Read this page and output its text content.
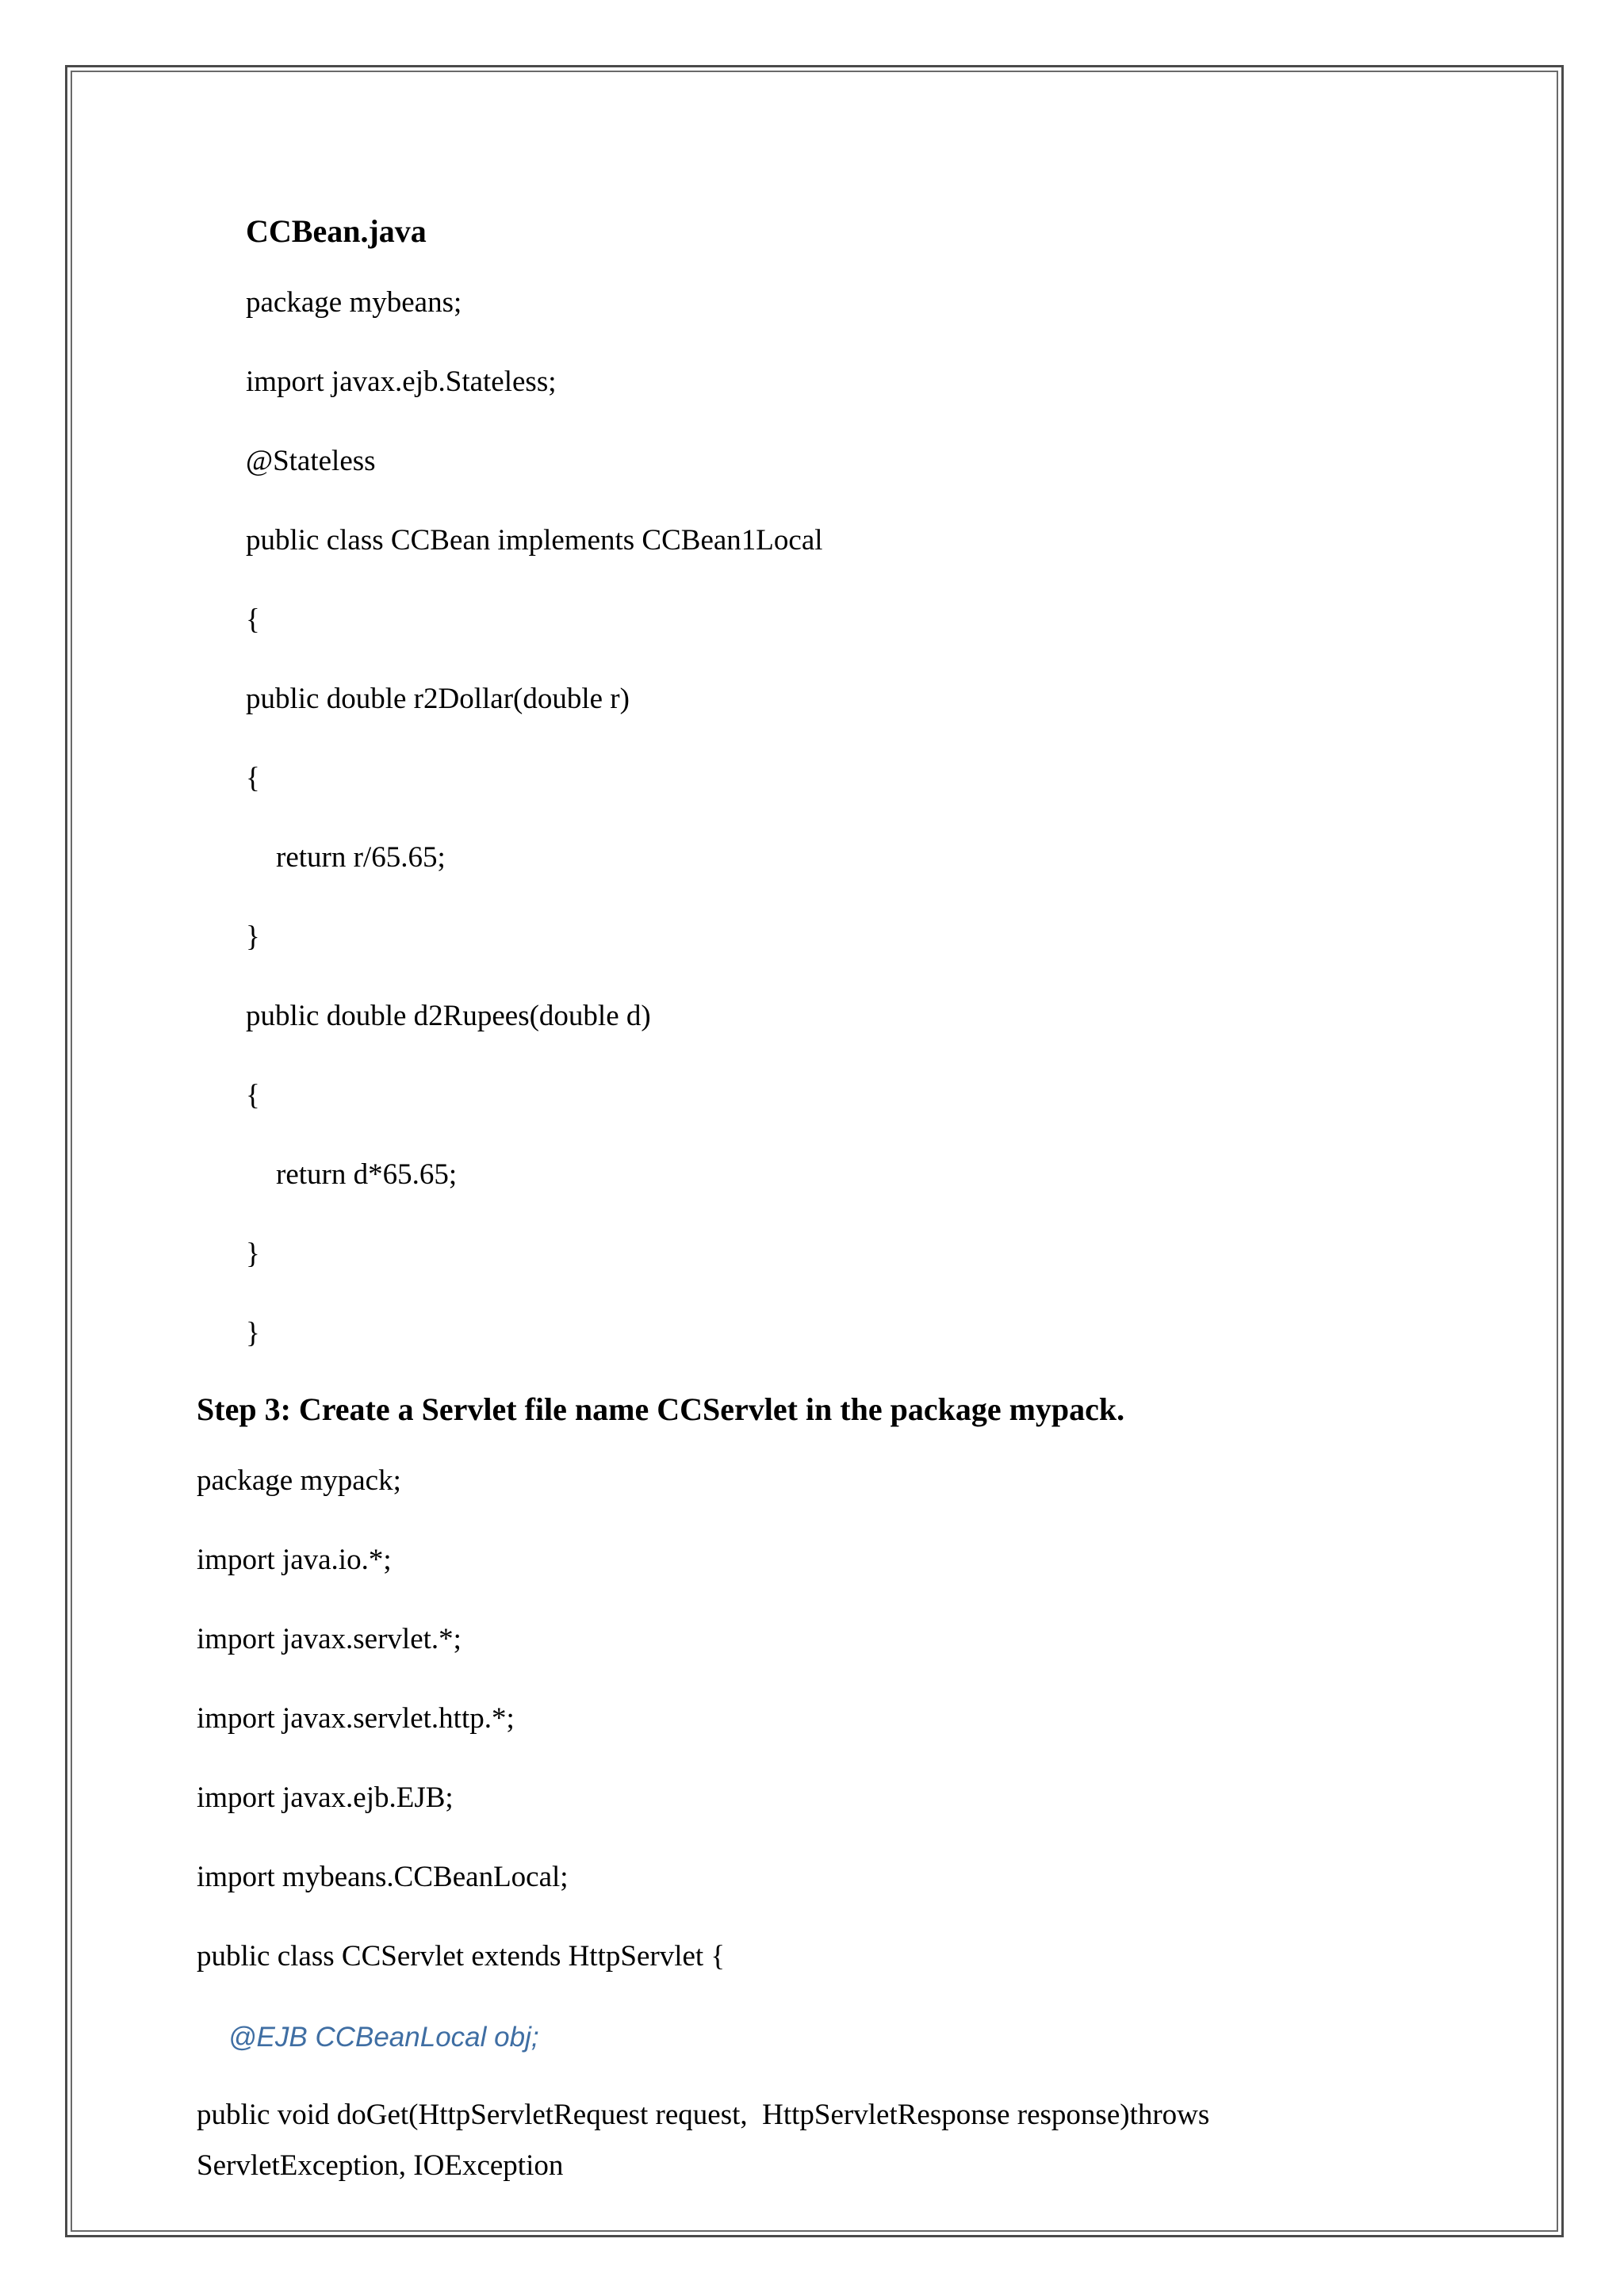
CCBean.java
package mybeans;
import javax.ejb.Stateless;
@Stateless
public class CCBean implements CCBean1Local
{
public double r2Dollar(double r)
{
return r/65.65;
}
public double d2Rupees(double d)
{
return d*65.65;
}
}
Step 3: Create a Servlet file name CCServlet in the package mypack.
package mypack;
import java.io.*;
import javax.servlet.*;
import javax.servlet.http.*;
import javax.ejb.EJB;
import mybeans.CCBeanLocal;
public class CCServlet extends HttpServlet {
@EJB CCBeanLocal obj;
public void doGet(HttpServletRequest request,  HttpServletResponse response)throws
ServletException, IOException
